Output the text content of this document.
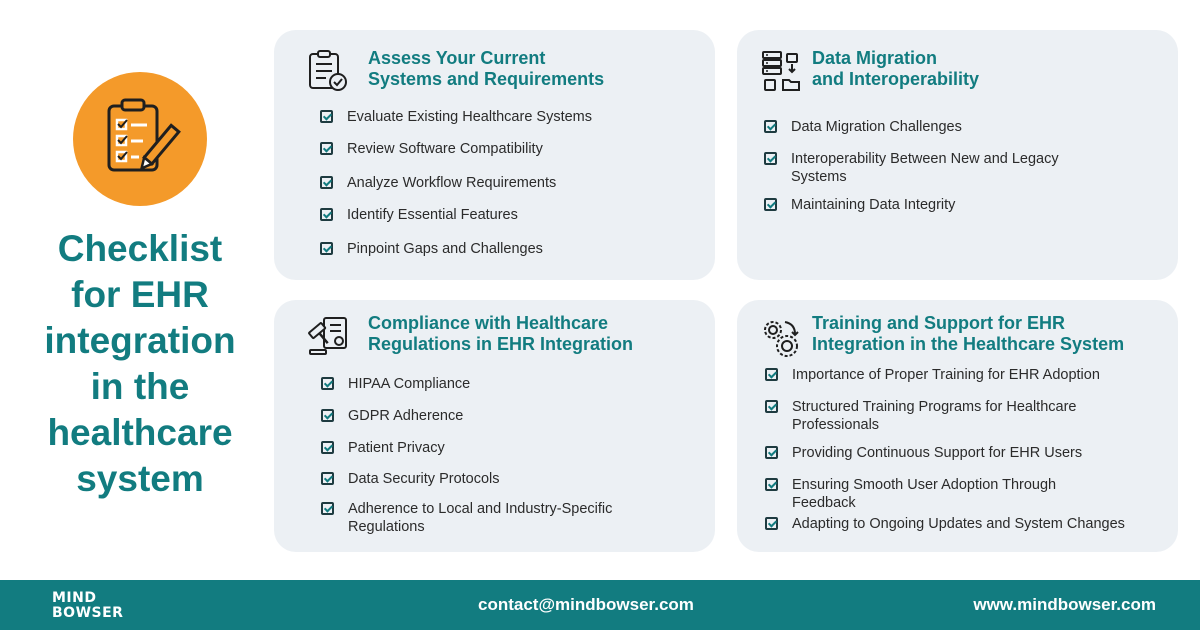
Checklist
for EHR
integration
in the
healthcare
system
Assess Your Current
Systems and Requirements
Evaluate Existing Healthcare Systems
Review Software Compatibility
Analyze Workflow Requirements
Identify Essential Features
Pinpoint Gaps and Challenges
Data Migration
and Interoperability
Data Migration Challenges
Interoperability Between New and Legacy Systems
Maintaining Data Integrity
Compliance with Healthcare
Regulations in EHR Integration
HIPAA Compliance
GDPR Adherence
Patient Privacy
Data Security Protocols
Adherence to Local and Industry-Specific Regulations
Training and Support for EHR
Integration in the Healthcare System
Importance of Proper Training for EHR Adoption
Structured Training Programs for Healthcare Professionals
Providing Continuous Support for EHR Users
Ensuring Smooth User Adoption Through Feedback
Adapting to Ongoing Updates and System Changes
MIND
BOWSER	contact@mindbowser.com	www.mindbowser.com
